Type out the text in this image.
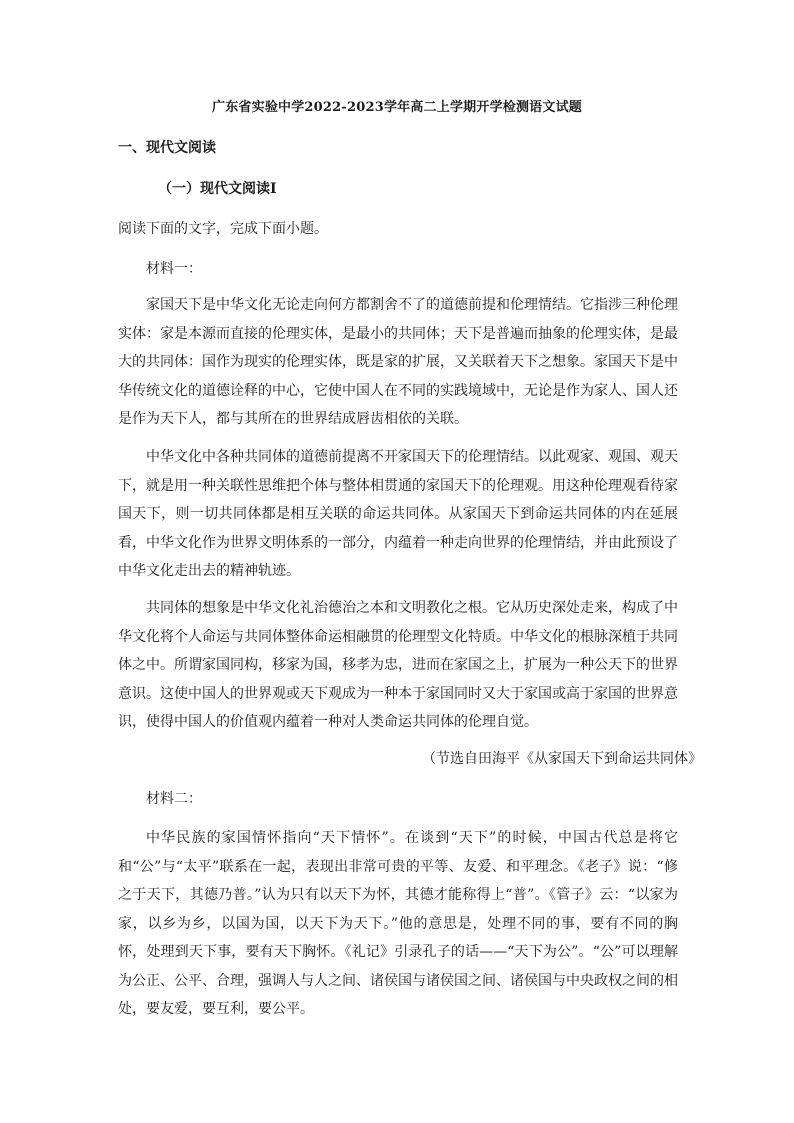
广东省实验中学2022-2023学年高二上学期开学检测语文试题
一、现代文阅读
（一）现代文阅读Ⅰ
阅读下面的文字，完成下面小题。
材料一：
家国天下是中华文化无论走向何方都割舍不了的道德前提和伦理情结。它指涉三种伦理实体：家是本源而直接的伦理实体，是最小的共同体；天下是普遍而抽象的伦理实体，是最大的共同体：国作为现实的伦理实体，既是家的扩展，又关联着天下之想象。家国天下是中华传统文化的道德诠释的中心，它使中国人在不同的实践境域中，无论是作为家人、国人还是作为天下人，都与其所在的世界结成唇齿相依的关联。
中华文化中各种共同体的道德前提离不开家国天下的伦理情结。以此观家、观国、观天下，就是用一种关联性思维把个体与整体相贯通的家国天下的伦理观。用这种伦理观看待家国天下，则一切共同体都是相互关联的命运共同体。从家国天下到命运共同体的内在延展看，中华文化作为世界文明体系的一部分，内蕴着一种走向世界的伦理情结，并由此预设了中华文化走出去的精神轨迹。
共同体的想象是中华文化礼治德治之本和文明教化之根。它从历史深处走来，构成了中华文化将个人命运与共同体整体命运相融贯的伦理型文化特质。中华文化的根脉深植于共同体之中。所谓家国同构，移家为国，移孝为忠，进而在家国之上，扩展为一种公天下的世界意识。这使中国人的世界观或天下观成为一种本于家国同时又大于家国或高于家国的世界意识，使得中国人的价值观内蕴着一种对人类命运共同体的伦理自觉。
（节选自田海平《从家国天下到命运共同体》
材料二：
中华民族的家国情怀指向“天下情怀”。在谈到“天下”的时候，中国古代总是将它和“公”与“太平”联系在一起，表现出非常可贵的平等、友爱、和平理念。《老子》说：“修之于天下，其德乃普。”认为只有以天下为怀，其德才能称得上“普”。《管子》云：“以家为家，以乡为乡，以国为国，以天下为天下。”他的意思是，处理不同的事，要有不同的胸怀，处理到天下事，要有天下胸怀。《礼记》引录孔子的话——“天下为公”。“公”可以理解为公正、公平、合理，强调人与人之间、诸侯国与诸侯国之间、诸侯国与中央政权之间的相处，要友爱，要互利，要公平。
